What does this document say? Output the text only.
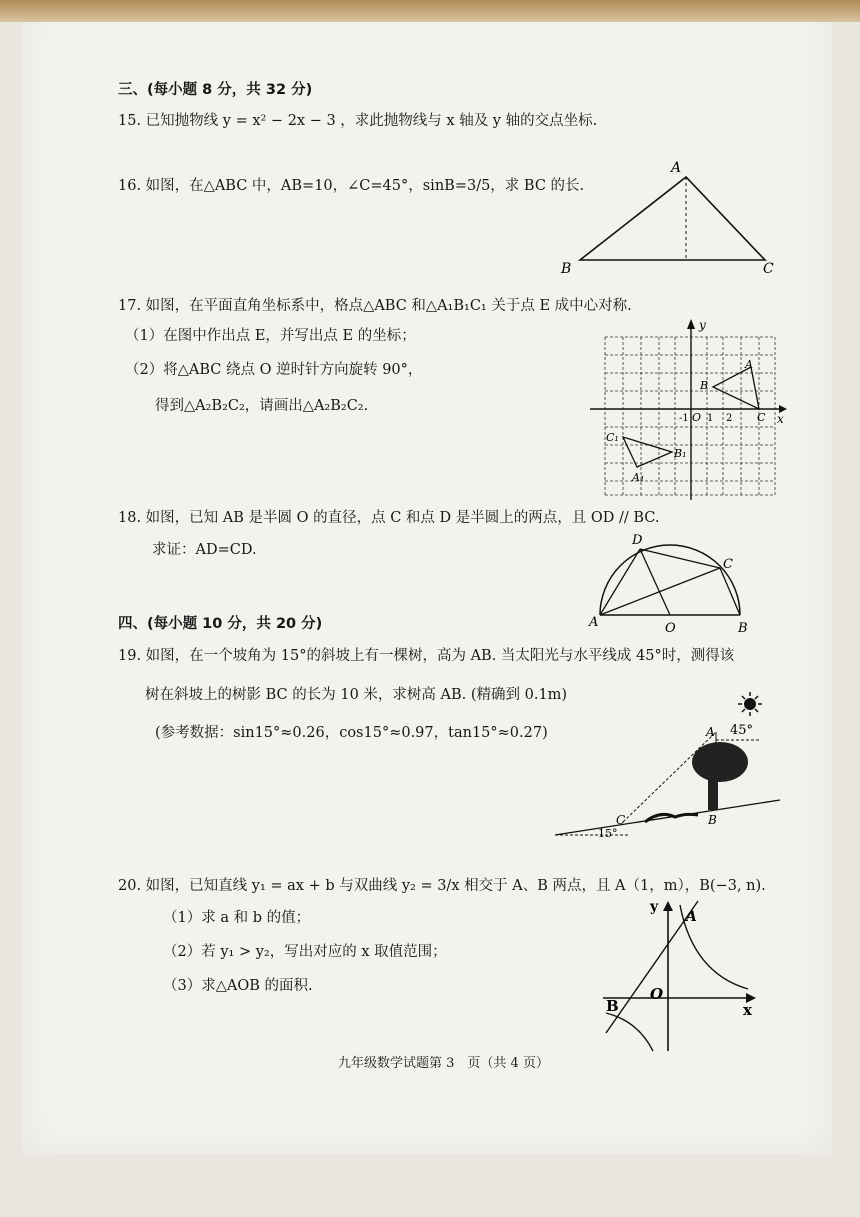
三、(每小题 8 分，共 32 分)
15. 已知抛物线 y = x² − 2x − 3 ，求此抛物线与 x 轴及 y 轴的交点坐标.
16. 如图，在△ABC 中，AB=10，∠C=45°，sinB=3/5，求 BC 的长.
A
B	C
17. 如图，在平面直角坐标系中，格点△ABC 和△A₁B₁C₁ 关于点 E 成中心对称.
（1）在图中作出点 E，并写出点 E 的坐标；
（2）将△ABC 绕点 O 逆时针方向旋转 90°，
得到△A₂B₂C₂，请画出△A₂B₂C₂.
y
x
-1 O 1 2
A
B
C
C₁
B₁
A₁
18. 如图，已知 AB 是半圆 O 的直径，点 C 和点 D 是半圆上的两点，且 OD // BC.
求证：AD=CD.
D
C
A	O	B
四、(每小题 10 分，共 20 分)
19. 如图，在一个坡角为 15°的斜坡上有一棵树，高为 AB. 当太阳光与水平线成 45°时，测得该
树在斜坡上的树影 BC 的长为 10 米，求树高 AB. (精确到 0.1m)
(参考数据：sin15°≈0.26，cos15°≈0.97，tan15°≈0.27)	A 45°
C	B
15°
20. 如图，已知直线 y₁ = ax + b 与双曲线 y₂ = 3/x 相交于 A、B 两点，且 A（1，m），B(−3, n).
（1）求 a 和 b 的值；
（2）若 y₁ > y₂，写出对应的 x 取值范围；
（3）求△AOB 的面积.
y
A
O
B	x
九年级数学试题第 3　页（共 4 页）
